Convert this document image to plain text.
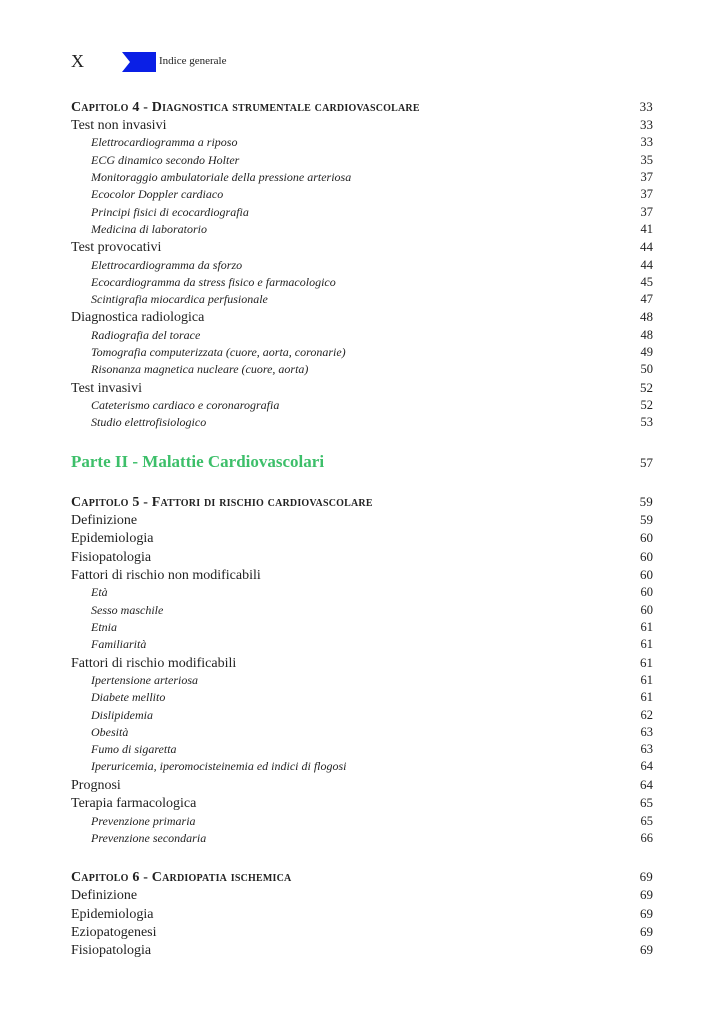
X	Indice generale
Capitolo 4 - Diagnostica strumentale cardiovascolare	33
Test non invasivi	33
Elettrocardiogramma a riposo	33
ECG dinamico secondo Holter	35
Monitoraggio ambulatoriale della pressione arteriosa	37
Ecocolor Doppler cardiaco	37
Principi fisici di ecocardiografia	37
Medicina di laboratorio	41
Test provocativi	44
Elettrocardiogramma da sforzo	44
Ecocardiogramma da stress fisico e farmacologico	45
Scintigrafia miocardica perfusionale	47
Diagnostica radiologica	48
Radiografia del torace	48
Tomografia computerizzata (cuore, aorta, coronarie)	49
Risonanza magnetica nucleare (cuore, aorta)	50
Test invasivi	52
Cateterismo cardiaco e coronarografia	52
Studio elettrofisiologico	53
Parte II - Malattie Cardiovascolari	57
Capitolo 5 - Fattori di rischio cardiovascolare	59
Definizione	59
Epidemiologia	60
Fisiopatologia	60
Fattori di rischio non modificabili	60
Età	60
Sesso maschile	60
Etnia	61
Familiarità	61
Fattori di rischio modificabili	61
Ipertensione arteriosa	61
Diabete mellito	61
Dislipidemia	62
Obesità	63
Fumo di sigaretta	63
Iperuricemia, iperomocisteinemia ed indici di flogosi	64
Prognosi	64
Terapia farmacologica	65
Prevenzione primaria	65
Prevenzione secondaria	66
Capitolo 6 - Cardiopatia ischemica	69
Definizione	69
Epidemiologia	69
Eziopatogenesi	69
Fisiopatologia	69
